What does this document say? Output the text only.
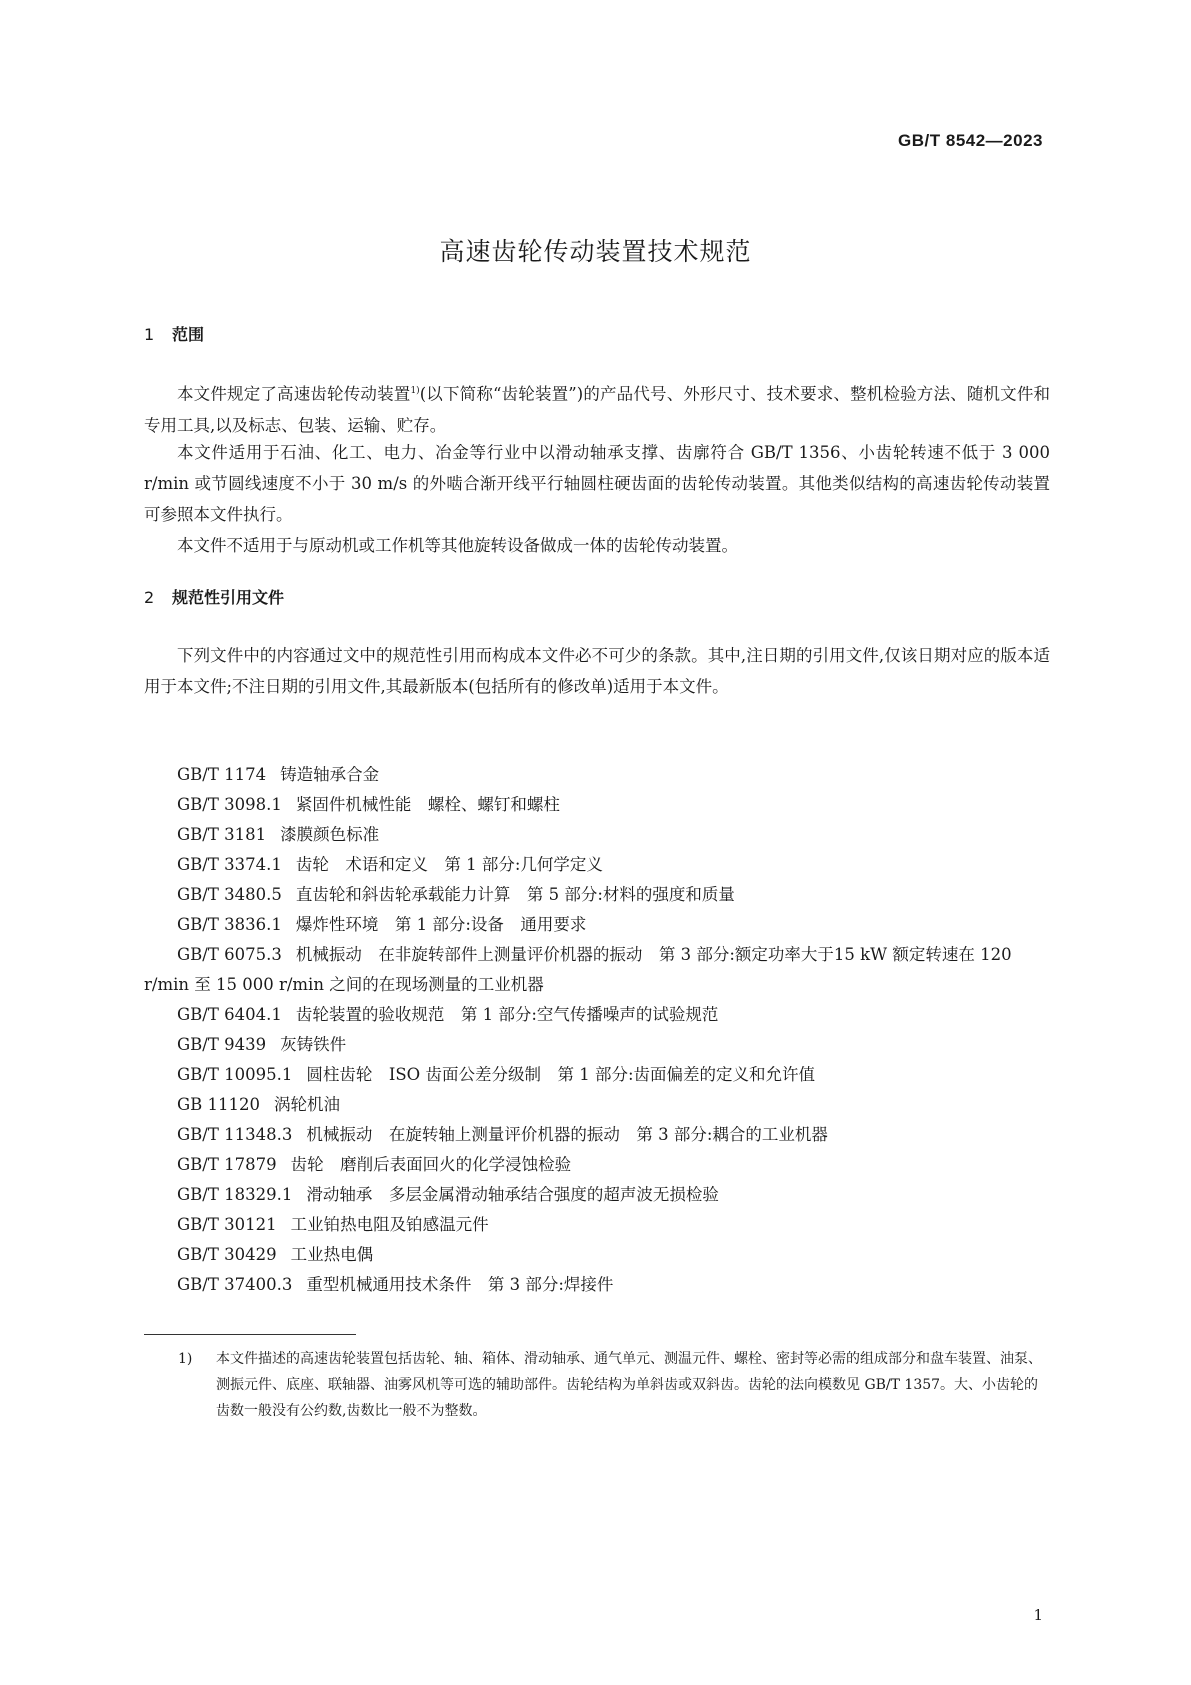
GB/T 8542—2023
高速齿轮传动装置技术规范
1 范围

本文件规定了高速齿轮传动装置$^{1)}$(以下简称“齿轮装置”)的产品代号、外形尺寸、技术要求、整机检验方法、随机文件和专用工具,以及标志、包装、运输、贮存。

本文件适用于石油、化工、电力、冶金等行业中以滑动轴承支撑、齿廓符合 GB/T 1356、小齿轮转速不低于 3 000 r/min 或节圆线速度不小于 30 m/s 的外啮合渐开线平行轴圆柱硬齿面的齿轮传动装置。其他类似结构的高速齿轮传动装置可参照本文件执行。

本文件不适用于与原动机或工作机等其他旋转设备做成一体的齿轮传动装置。

2 规范性引用文件

下列文件中的内容通过文中的规范性引用而构成本文件必不可少的条款。其中,注日期的引用文件,仅该日期对应的版本适用于本文件;不注日期的引用文件,其最新版本(包括所有的修改单)适用于本文件。

GB/T 1174 铸造轴承合金
GB/T 3098.1 紧固件机械性能　螺栓、螺钉和螺柱
GB/T 3181 漆膜颜色标准
GB/T 3374.1 齿轮　术语和定义　第 1 部分:几何学定义
GB/T 3480.5 直齿轮和斜齿轮承载能力计算　第 5 部分:材料的强度和质量
GB/T 3836.1 爆炸性环境　第 1 部分:设备　通用要求
GB/T 6075.3 机械振动　在非旋转部件上测量评价机器的振动　第 3 部分:额定功率大于15 kW 额定转速在 120 r/min 至 15 000 r/min 之间的在现场测量的工业机器
GB/T 6404.1 齿轮装置的验收规范　第 1 部分:空气传播噪声的试验规范
GB/T 9439 灰铸铁件
GB/T 10095.1 圆柱齿轮　ISO 齿面公差分级制　第 1 部分:齿面偏差的定义和允许值
GB 11120 涡轮机油
GB/T 11348.3 机械振动　在旋转轴上测量评价机器的振动　第 3 部分:耦合的工业机器
GB/T 17879 齿轮　磨削后表面回火的化学浸蚀检验
GB/T 18329.1 滑动轴承　多层金属滑动轴承结合强度的超声波无损检验
GB/T 30121 工业铂热电阻及铂感温元件
GB/T 30429 工业热电偶
GB/T 37400.3 重型机械通用技术条件　第 3 部分:焊接件
1) 本文件描述的高速齿轮装置包括齿轮、轴、箱体、滑动轴承、通气单元、测温元件、螺栓、密封等必需的组成部分和盘车装置、油泵、测振元件、底座、联轴器、油雾风机等可选的辅助部件。齿轮结构为单斜齿或双斜齿。齿轮的法向模数见 GB/T 1357。大、小齿轮的齿数一般没有公约数,齿数比一般不为整数。
1
